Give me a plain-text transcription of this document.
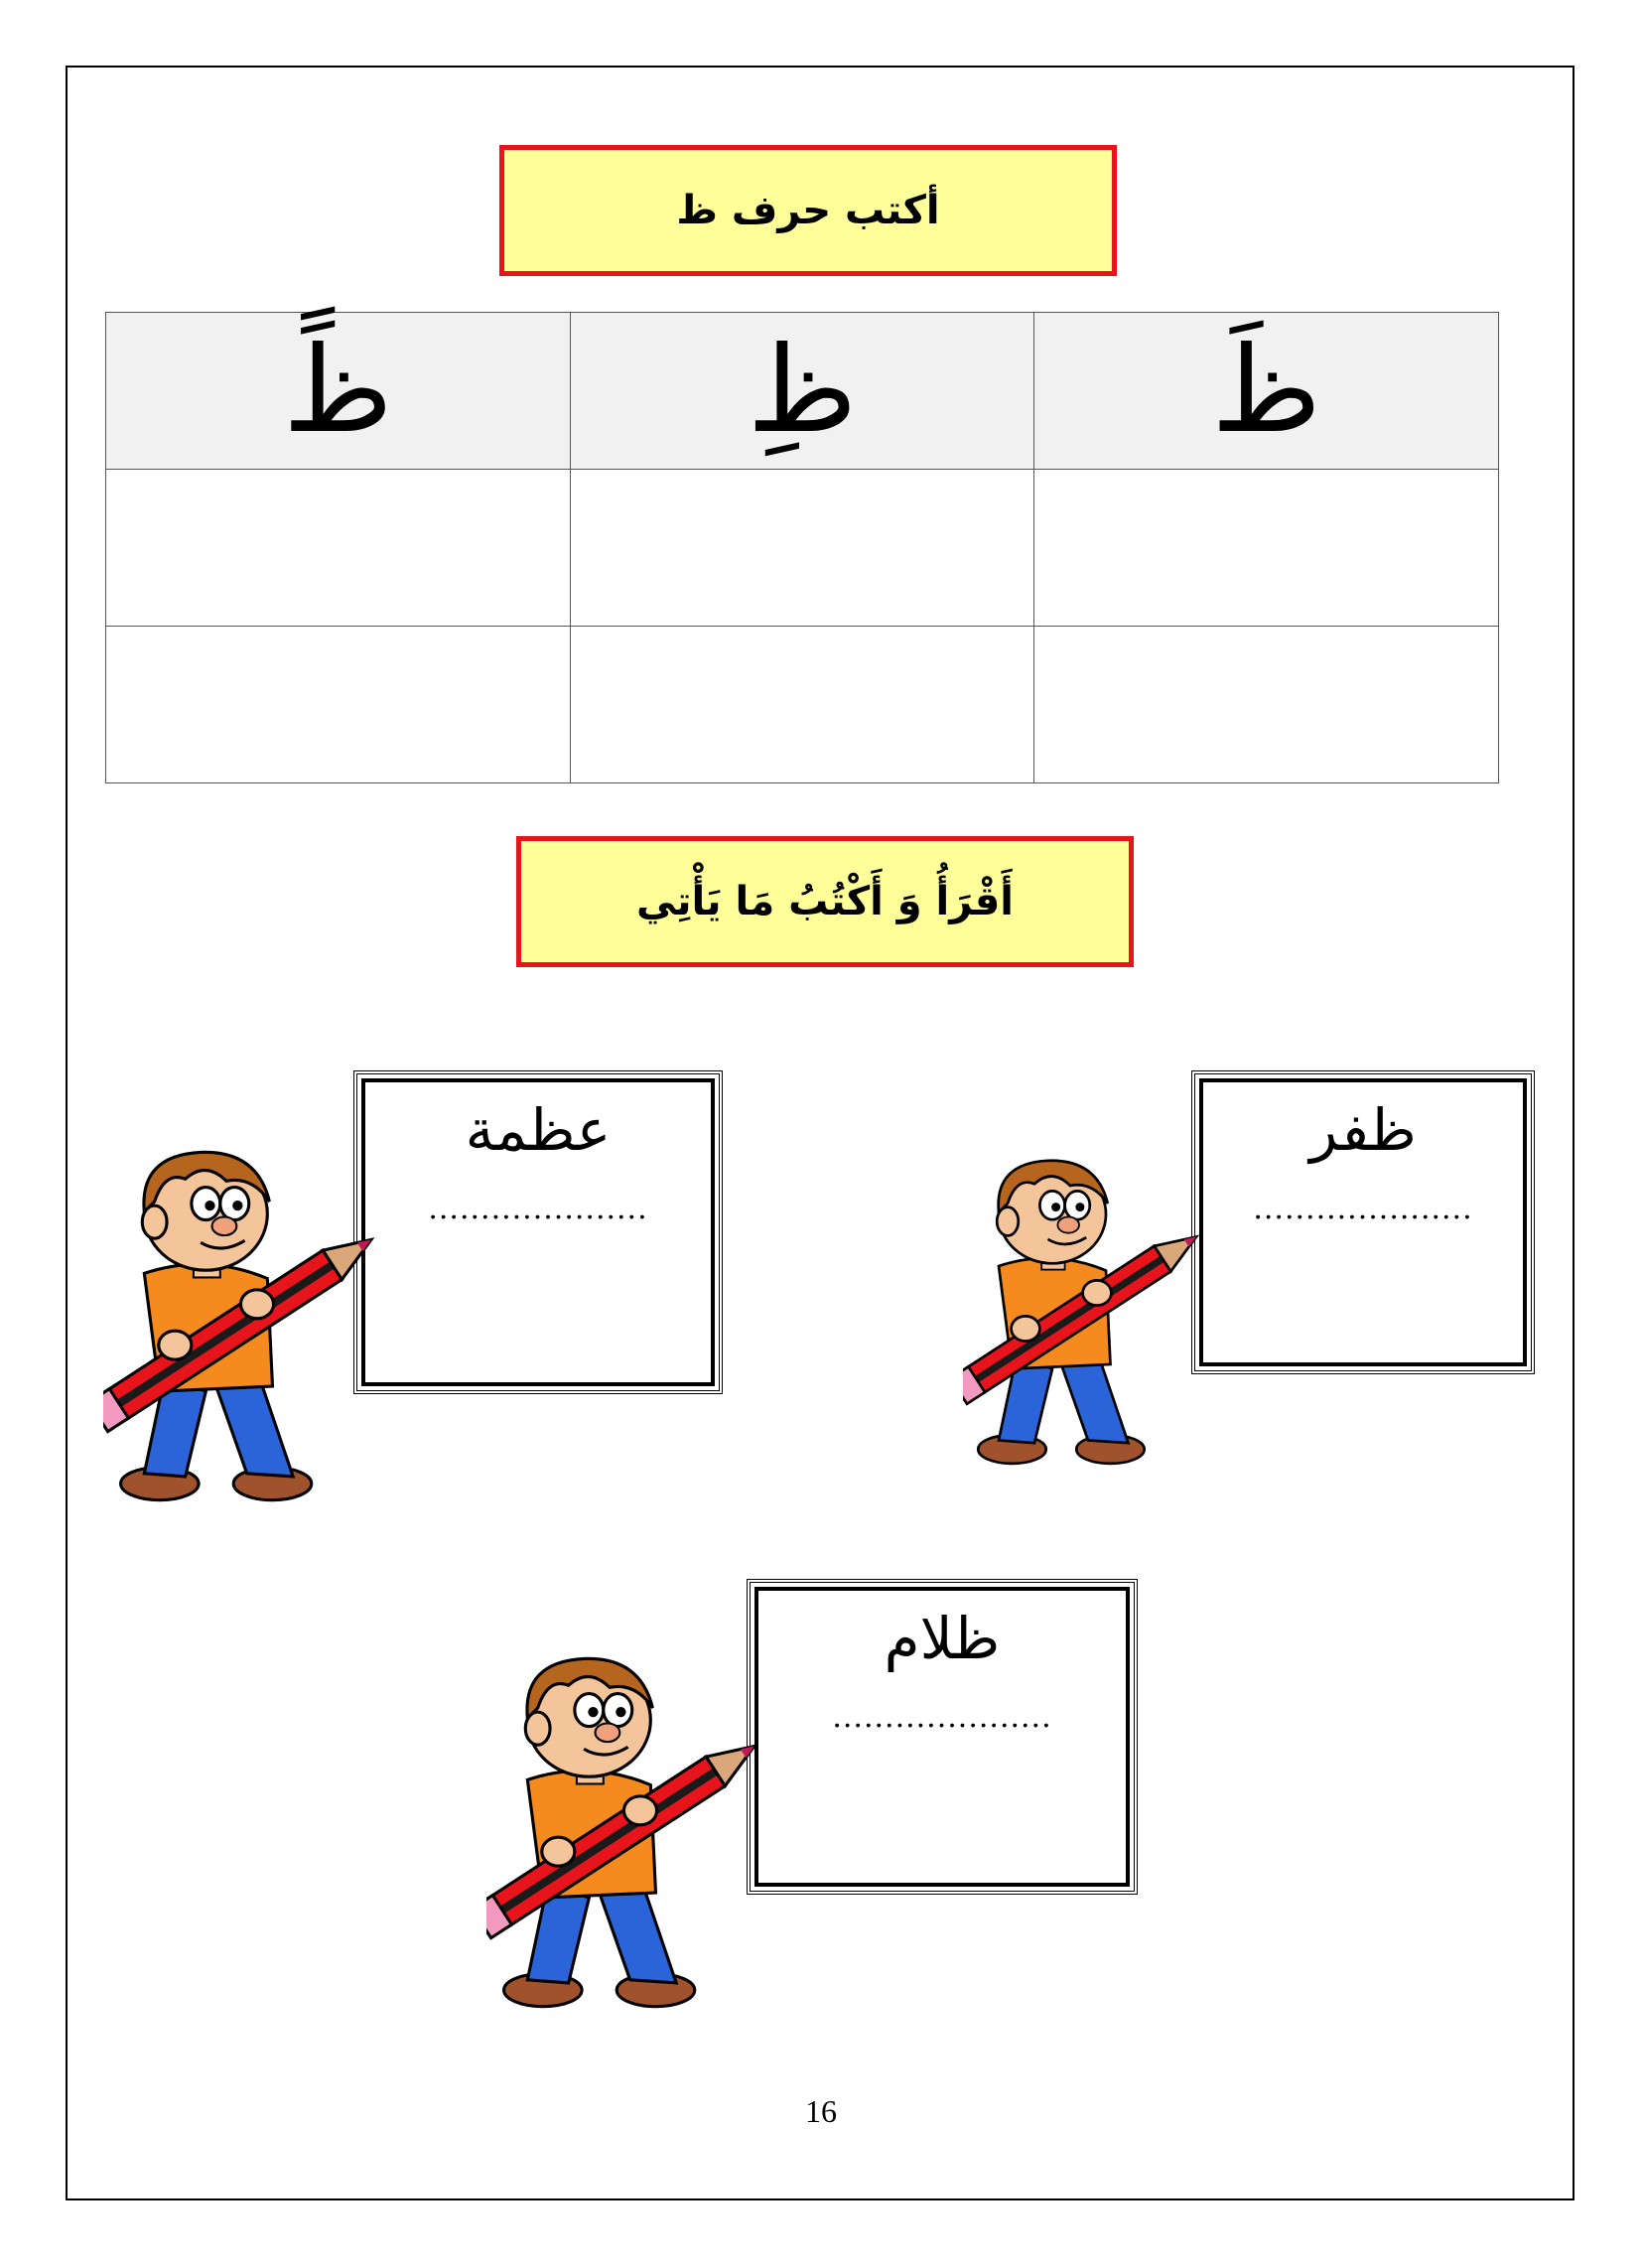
أكتب حرف ظ
ظَ	ظِ	ظً

أَقْرَأُ وَ أَكْتُبُ مَا يَأْتِي
ظفر
.....................
عظمة
.....................
ظلام
.....................
16
